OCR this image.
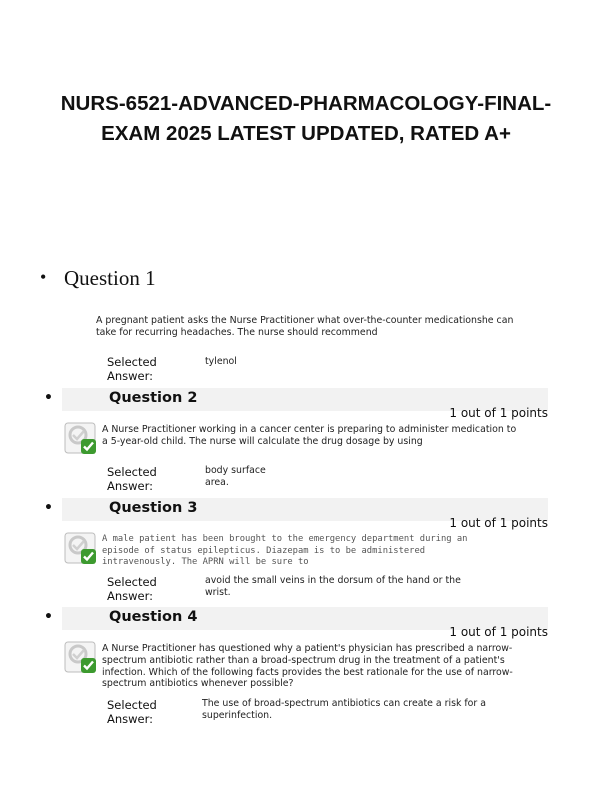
NURS-6521-ADVANCED-PHARMACOLOGY-FINAL-EXAM 2025 LATEST UPDATED, RATED A+
• Question 1

A pregnant patient asks the Nurse Practitioner what over-the-counter medicationshe can take for recurring headaches. The nurse should recommend

Selected Answer:
tylenol
•	Question 2
1 out of 1 points

A Nurse Practitioner working in a cancer center is preparing to administer medication to a 5-year-old child. The nurse will calculate the drug dosage by using

Selected Answer:
body surface area.
•	Question 3
1 out of 1 points

A male patient has been brought to the emergency department during an episode of status epilepticus. Diazepam is to be administered intravenously. The APRN will be sure to

Selected Answer:
avoid the small veins in the dorsum of the hand or the wrist.
•	Question 4
1 out of 1 points

A Nurse Practitioner has questioned why a patient's physician has prescribed a narrow-spectrum antibiotic rather than a broad-spectrum drug in the treatment of a patient's infection. Which of the following facts provides the best rationale for the use of narrow-spectrum antibiotics whenever possible?

Selected Answer:
The use of broad-spectrum antibiotics can create a risk for a superinfection.
